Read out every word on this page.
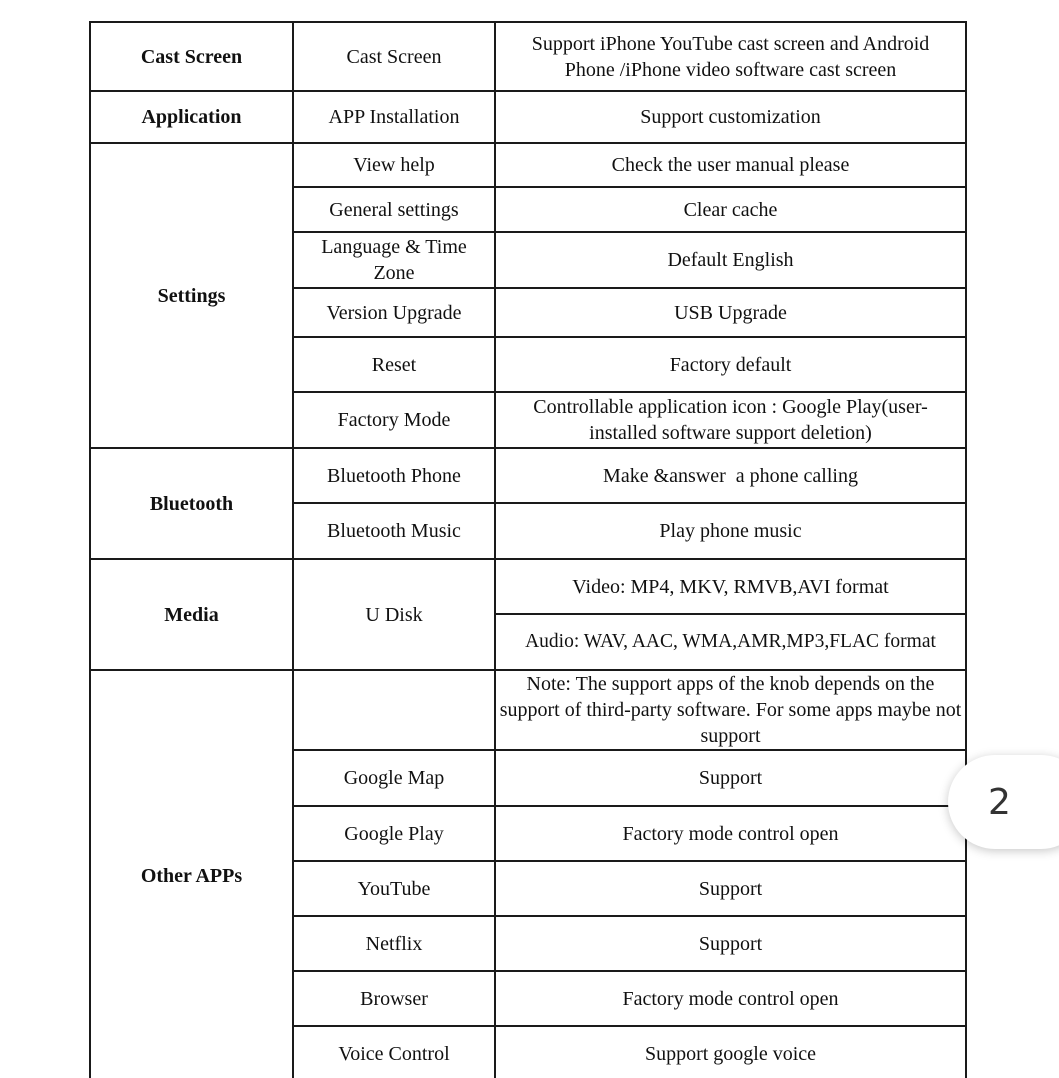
Cast Screen	Cast Screen	Support iPhone YouTube cast screen and Android Phone /iPhone video software cast screen
Application	APP Installation	Support customization
Settings	View help	Check the user manual please
	General settings	Clear cache
	Language & Time Zone	Default English
	Version Upgrade	USB Upgrade
	Reset	Factory default
	Factory Mode	Controllable application icon : Google Play(user-installed software support deletion)
Bluetooth	Bluetooth Phone	Make &answer  a phone calling
	Bluetooth Music	Play phone music
Media	U Disk	Video: MP4, MKV, RMVB,AVI format
		Audio: WAV, AAC, WMA,AMR,MP3,FLAC format
Other APPs		Note: The support apps of the knob depends on the support of third-party software. For some apps maybe not support
	Google Map	Support
	Google Play	Factory mode control open
	YouTube	Support
	Netflix	Support
	Browser	Factory mode control open
	Voice Control	Support google voice
2
